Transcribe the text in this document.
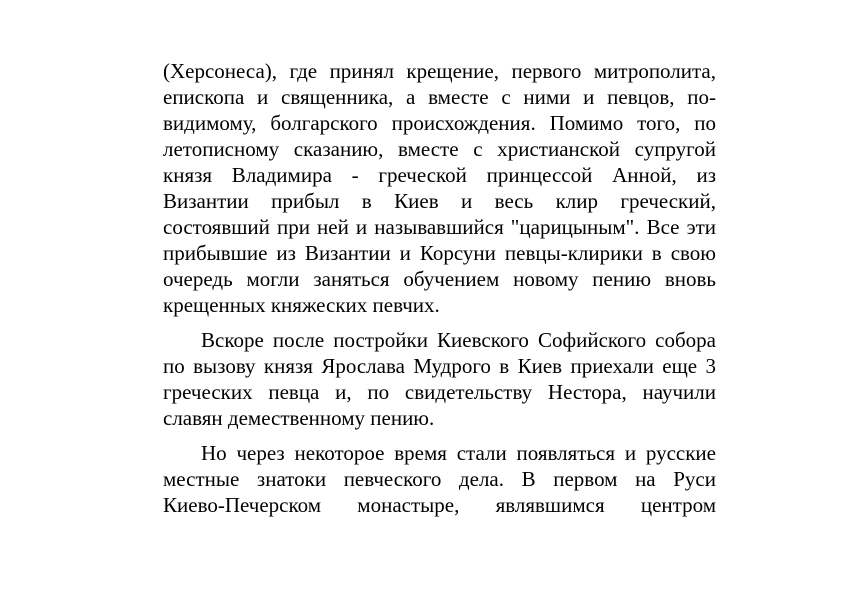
(Херсонеса), где принял крещение, первого митрополита,
епископа и священника, а вместе с ними и певцов, по-
видимому, болгарского происхождения. Помимо того, по
летописному сказанию, вместе с христианской супругой
князя Владимира - греческой принцессой Анной, из
Византии прибыл в Киев и весь клир греческий,
состоявший при ней и называвшийся "царицыным". Все эти
прибывшие из Византии и Корсуни певцы-клирики в свою
очередь могли заняться обучением новому пению вновь
крещенных княжеских певчих.
Вскоре после постройки Киевского Софийского собора
по вызову князя Ярослава Мудрого в Киев приехали еще 3
греческих певца и, по свидетельству Нестора, научили
славян демественному пению.
Но через некоторое время стали появляться и русские
местные знатоки певческого дела. В первом на Руси
Киево-Печерском монастыре, являвшимся центром
